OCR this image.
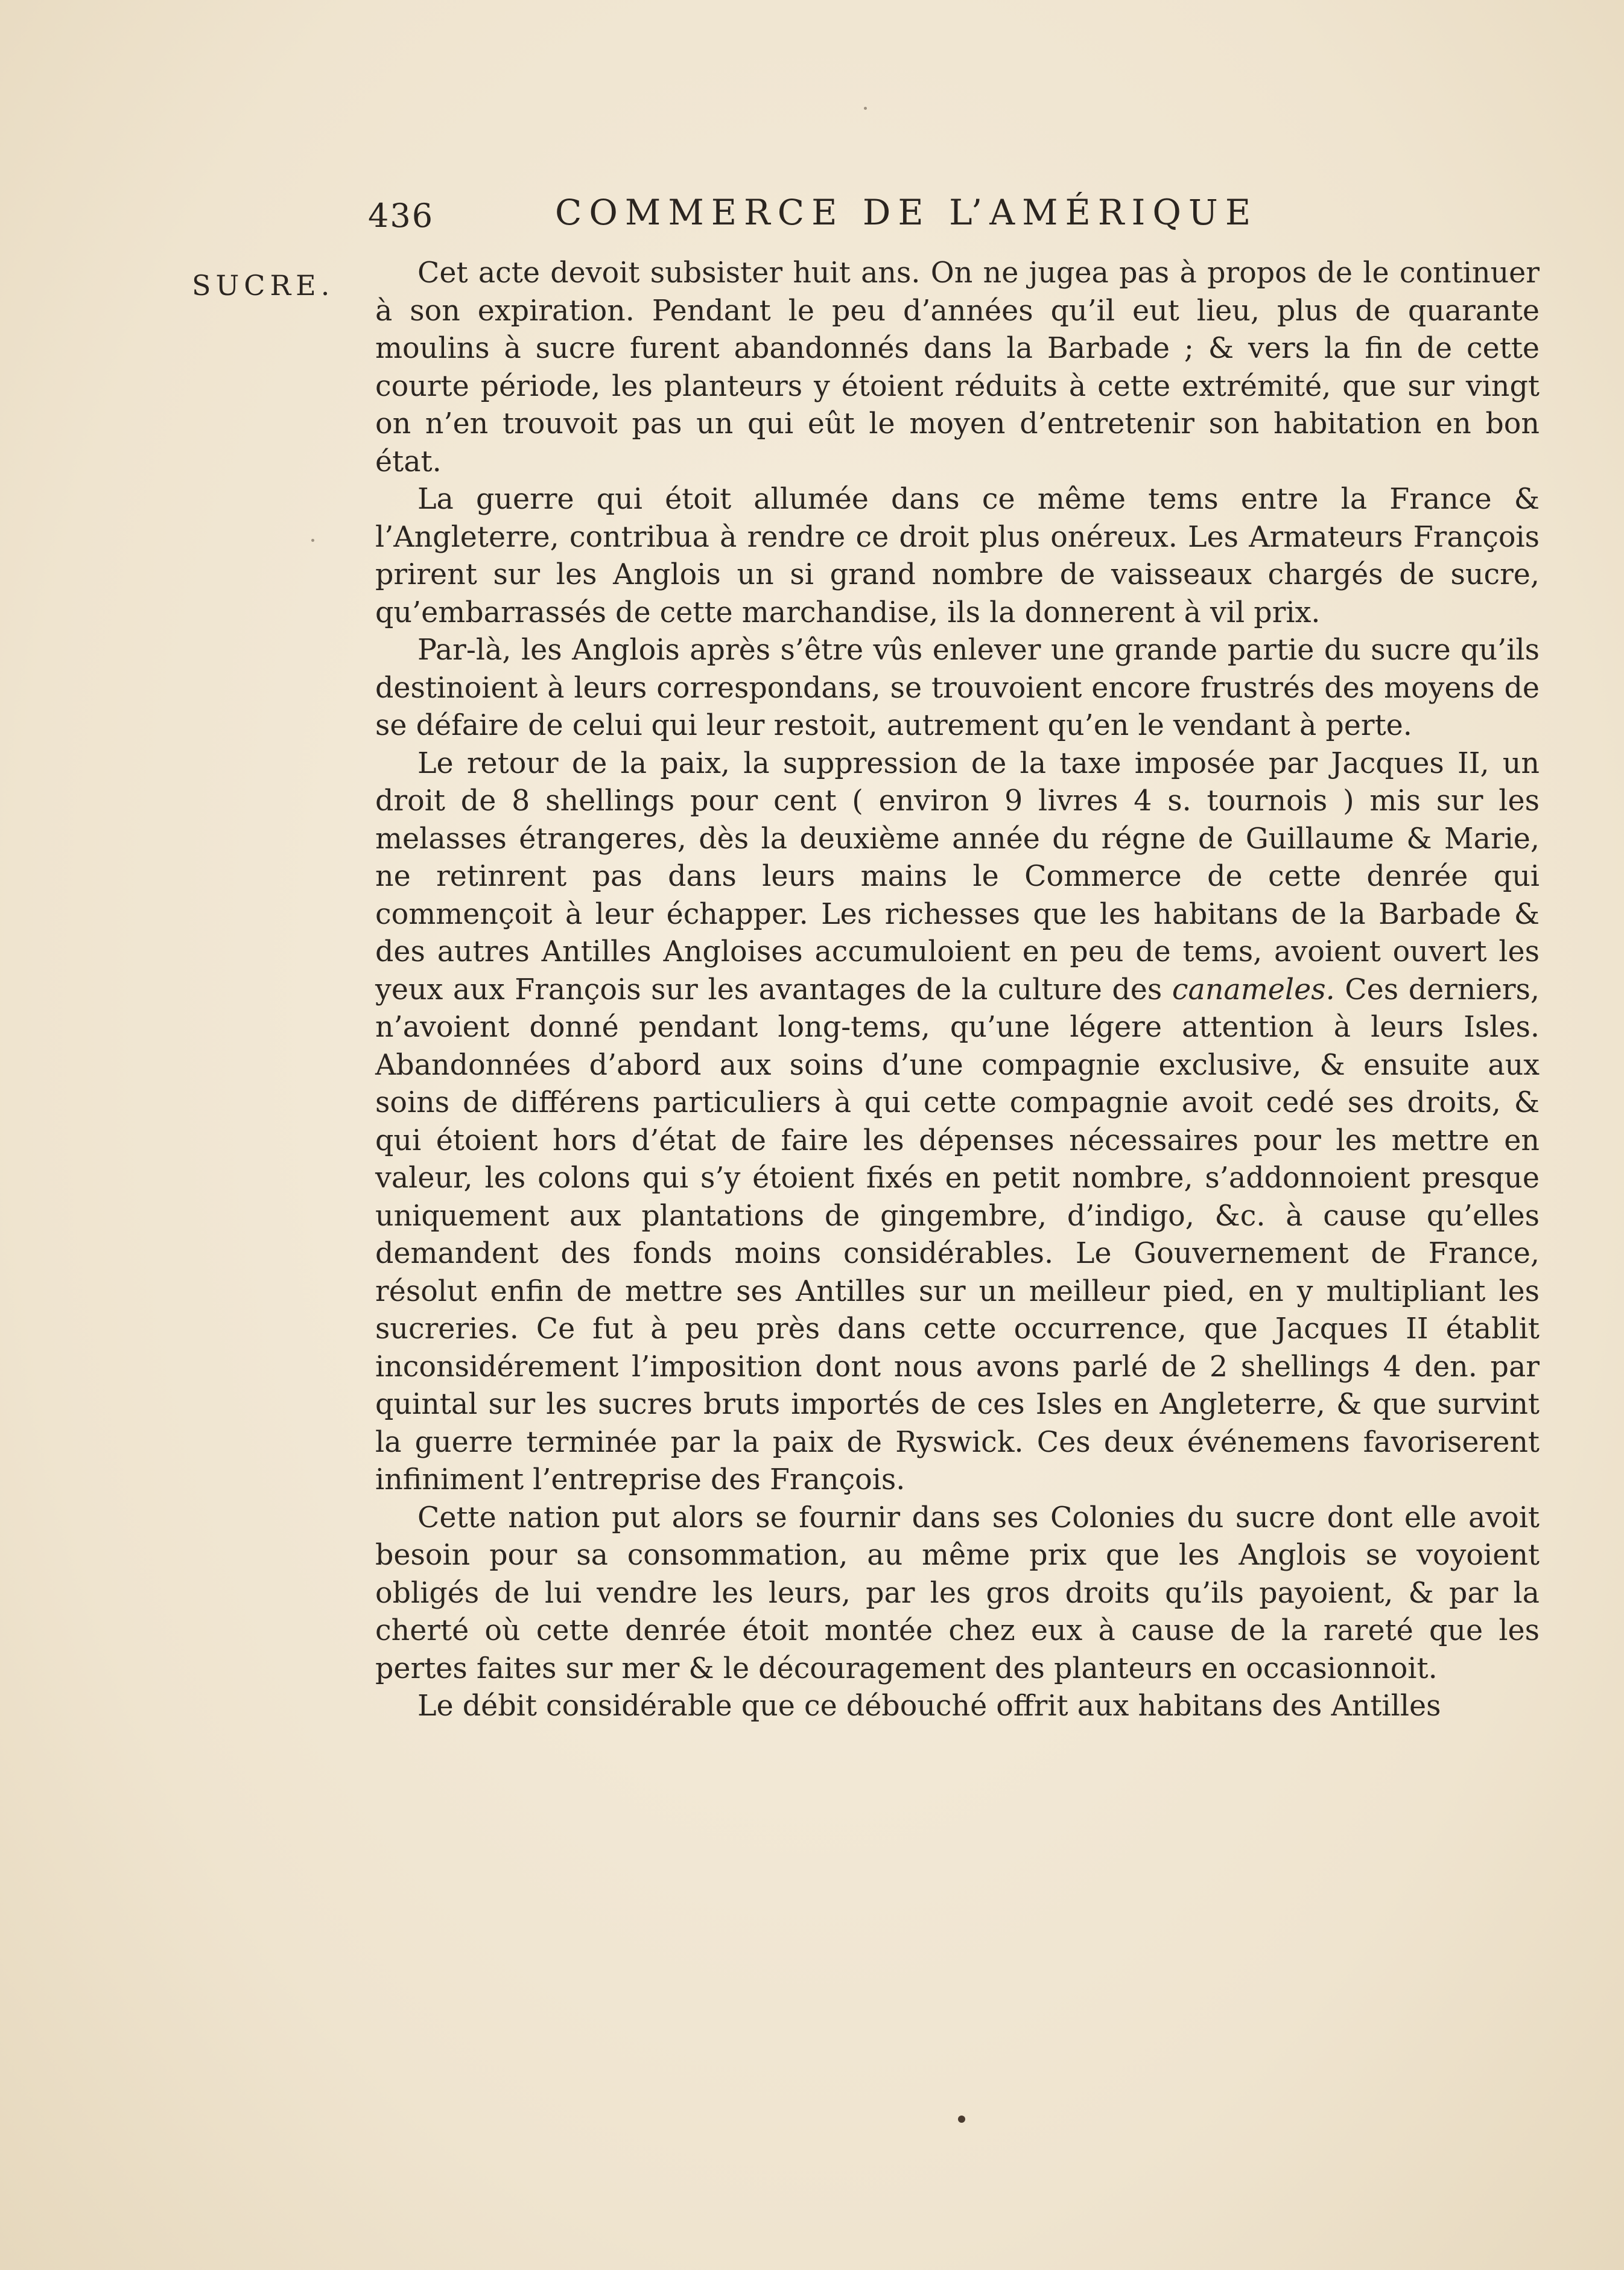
436	COMMERCE DE L’AMÉRIQUE
SUCRE.	Cet acte devoit subsister huit ans. On ne jugea pas à propos de le continuer à son expiration. Pendant le peu d’années qu’il eut lieu, plus de quarante moulins à sucre furent abandonnés dans la Barbade ; & vers la fin de cette courte période, les planteurs y étoient réduits à cette extrémité, que sur vingt on n’en trouvoit pas un qui eût le moyen d’entretenir son habitation en bon état.

La guerre qui étoit allumée dans ce même tems entre la France & l’Angleterre, contribua à rendre ce droit plus onéreux. Les Armateurs François prirent sur les Anglois un si grand nombre de vaisseaux chargés de sucre, qu’embarrassés de cette marchandise, ils la donnerent à vil prix.

Par-là, les Anglois après s’être vûs enlever une grande partie du sucre qu’ils destinoient à leurs correspondans, se trouvoient encore frustrés des moyens de se défaire de celui qui leur restoit, autrement qu’en le vendant à perte.

Le retour de la paix, la suppression de la taxe imposée par Jacques II, un droit de 8 shellings pour cent ( environ 9 livres 4 s. tournois ) mis sur les melasses étrangeres, dès la deuxième année du régne de Guillaume & Marie, ne retinrent pas dans leurs mains le Commerce de cette denrée qui commençoit à leur échapper. Les richesses que les habitans de la Barbade & des autres Antilles Angloises accumuloient en peu de tems, avoient ouvert les yeux aux François sur les avantages de la culture des canameles. Ces derniers, n’avoient donné pendant long-tems, qu’une légere attention à leurs Isles. Abandonnées d’abord aux soins d’une compagnie exclusive, & ensuite aux soins de différens particuliers à qui cette compagnie avoit cedé ses droits, & qui étoient hors d’état de faire les dépenses nécessaires pour les mettre en valeur, les colons qui s’y étoient fixés en petit nombre, s’addonnoient presque uniquement aux plantations de gingembre, d’indigo, &c. à cause qu’elles demandent des fonds moins considérables. Le Gouvernement de France, résolut enfin de mettre ses Antilles sur un meilleur pied, en y multipliant les sucreries. Ce fut à peu près dans cette occurrence, que Jacques II établit inconsidérement l’imposition dont nous avons parlé de 2 shellings 4 den. par quintal sur les sucres bruts importés de ces Isles en Angleterre, & que survint la guerre terminée par la paix de Ryswick. Ces deux événemens favoriserent infiniment l’entreprise des François.

Cette nation put alors se fournir dans ses Colonies du sucre dont elle avoit besoin pour sa consommation, au même prix que les Anglois se voyoient obligés de lui vendre les leurs, par les gros droits qu’ils payoient, & par la cherté où cette denrée étoit montée chez eux à cause de la rareté que les pertes faites sur mer & le découragement des planteurs en occasionnoit.

Le débit considérable que ce débouché offrit aux habitans des Antilles
